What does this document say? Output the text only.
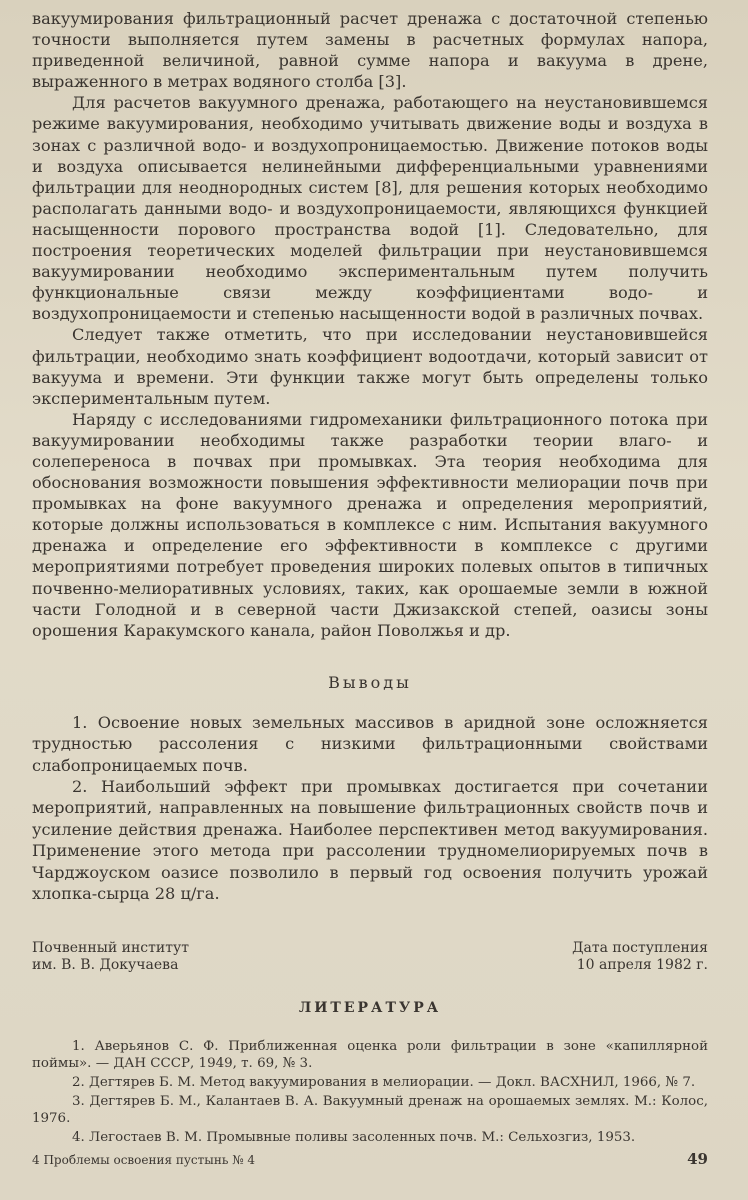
вакуумирования фильтрационный расчет дренажа с достаточной степенью точности выполняется путем замены в расчетных формулах напора, приведенной величиной, равной сумме напора и вакуума в дрене, выраженного в метрах водяного столба [3].

Для расчетов вакуумного дренажа, работающего на неустановившемся режиме вакуумирования, необходимо учитывать движение воды и воздуха в зонах с различной водо- и воздухопроницаемостью. Движение потоков воды и воздуха описывается нелинейными дифференциальными уравнениями фильтрации для неоднородных систем [8], для решения которых необходимо располагать данными водо- и воздухопроницаемости, являющихся функцией насыщенности порового пространства водой [1]. Следовательно, для построения теоретических моделей фильтрации при неустановившемся вакуумировании необходимо экспериментальным путем получить функциональные связи между коэффициентами водо- и воздухопроницаемости и степенью насыщенности водой в различных почвах.

Следует также отметить, что при исследовании неустановившейся фильтрации, необходимо знать коэффициент водоотдачи, который зависит от вакуума и времени. Эти функции также могут быть определены только экспериментальным путем.

Наряду с исследованиями гидромеханики фильтрационного потока при вакуумировании необходимы также разработки теории влаго- и солепереноса в почвах при промывках. Эта теория необходима для обоснования возможности повышения эффективности мелиорации почв при промывках на фоне вакуумного дренажа и определения мероприятий, которые должны использоваться в комплексе с ним. Испытания вакуумного дренажа и определение его эффективности в комплексе с другими мероприятиями потребует проведения широких полевых опытов в типичных почвенно-мелиоративных условиях, таких, как орошаемые земли в южной части Голодной и в северной части Джизакской степей, оазисы зоны орошения Каракумского канала, район Поволжья и др.

Выводы

1. Освоение новых земельных массивов в аридной зоне осложняется трудностью рассоления с низкими фильтрационными свойствами слабопроницаемых почв.

2. Наибольший эффект при промывках достигается при сочетании мероприятий, направленных на повышение фильтрационных свойств почв и усиление действия дренажа. Наиболее перспективен метод вакуумирования. Применение этого метода при рассолении трудномелиорируемых почв в Чарджоуском оазисе позволило в первый год освоения получить урожай хлопка-сырца 28 ц/га.

Почвенный институт
им. В. В. Докучаева
Дата поступления
10 апреля 1982 г.
ЛИТЕРАТУРА

1. Аверьянов С. Ф. Приближенная оценка роли фильтрации в зоне «капиллярной поймы». — ДАН СССР, 1949, т. 69, № 3.

2. Дегтярев Б. М. Метод вакуумирования в мелиорации. — Докл. ВАСХНИЛ, 1966, № 7.

3. Дегтярев Б. М., Калантаев В. А. Вакуумный дренаж на орошаемых землях. М.: Колос, 1976.

4. Легостаев В. М. Промывные поливы засоленных почв. М.: Сельхозгиз, 1953.

4 Проблемы освоения пустынь № 4	49
